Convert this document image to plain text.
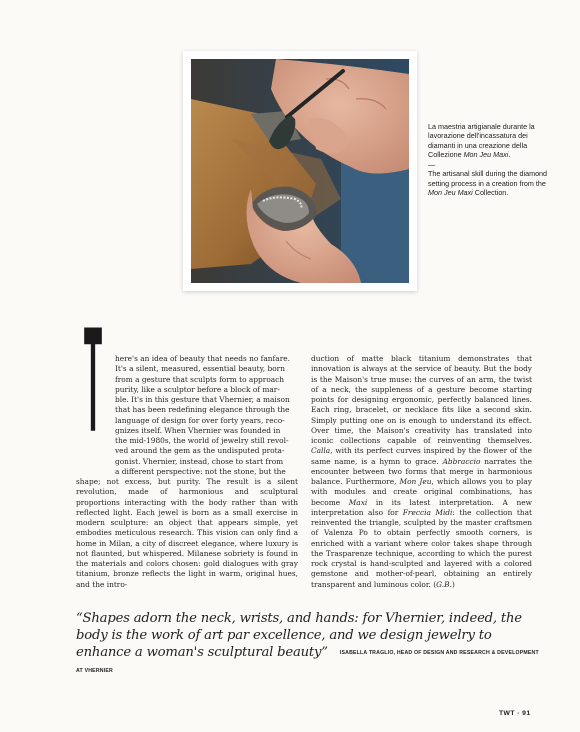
La maestria artigianale durante la lavorazione dell'incassatura dei diamanti in una creazione della Collezione Mon Jeu Maxi.

—

The artisanal skill during the diamond setting process in a creation from the Mon Jeu Maxi Collection.

T here's an idea of beauty that needs no fanfare.
It's a silent, measured, essential beauty, born
from a gesture that sculpts form to approach
purity, like a sculptor before a block of mar-
ble. It's in this gesture that Vhernier, a maison
that has been redefining elegance through the
language of design for over forty years, reco-
gnizes itself. When Vhernier was founded in
the mid-1980s, the world of jewelry still revol-
ved around the gem as the undisputed prota-
gonist. Vhernier, instead, chose to start from
a different perspective: not the stone, but the

shape; not excess, but purity. The result is a silent revolution, made of harmonious and sculptural proportions interacting with the body rather than with reflected light. Each jewel is born as a small exercise in modern sculpture: an object that appears simple, yet embodies meticulous research. This vision can only find a home in Milan, a city of discreet elegance, where luxury is not flaunted, but whispered. Milanese sobriety is found in the materials and colors chosen: gold dialogues with gray titanium, bronze reflects the light in warm, original hues, and the intro-

duction of matte black titanium demonstrates that innovation is always at the service of beauty. But the body is the Maison's true muse: the curves of an arm, the twist of a neck, the suppleness of a gesture become starting points for designing ergonomic, perfectly balanced lines. Each ring, bracelet, or necklace fits like a second skin. Simply putting one on is enough to understand its effect. Over time, the Maison's creativity has translated into iconic collections capable of reinventing themselves. Calla, with its perfect curves inspired by the flower of the same name, is a hymn to grace. Abbraccio narrates the encounter between two forms that merge in harmonious balance. Furthermore, Mon Jeu, which allows you to play with modules and create original combinations, has become Maxi in its latest interpretation. A new interpretation also for Freccia Midi: the collection that reinvented the triangle, sculpted by the master craftsmen of Valenza Po to obtain perfectly smooth corners, is enriched with a variant where color takes shape through the Trasparenze technique, according to which the purest rock crystal is hand-sculpted and layered with a colored gemstone and mother-of-pearl, obtaining an entirely transparent and luminous color. (G.B.)

“Shapes adorn the neck, wrists, and hands: for Vhernier, indeed, the body is the work of art par excellence, and we design jewelry to enhance a woman's sculptural beauty” ISABELLA TRAGLIO, HEAD OF DESIGN AND RESEARCH & DEVELOPMENT AT VHERNIER
TWT · 91
